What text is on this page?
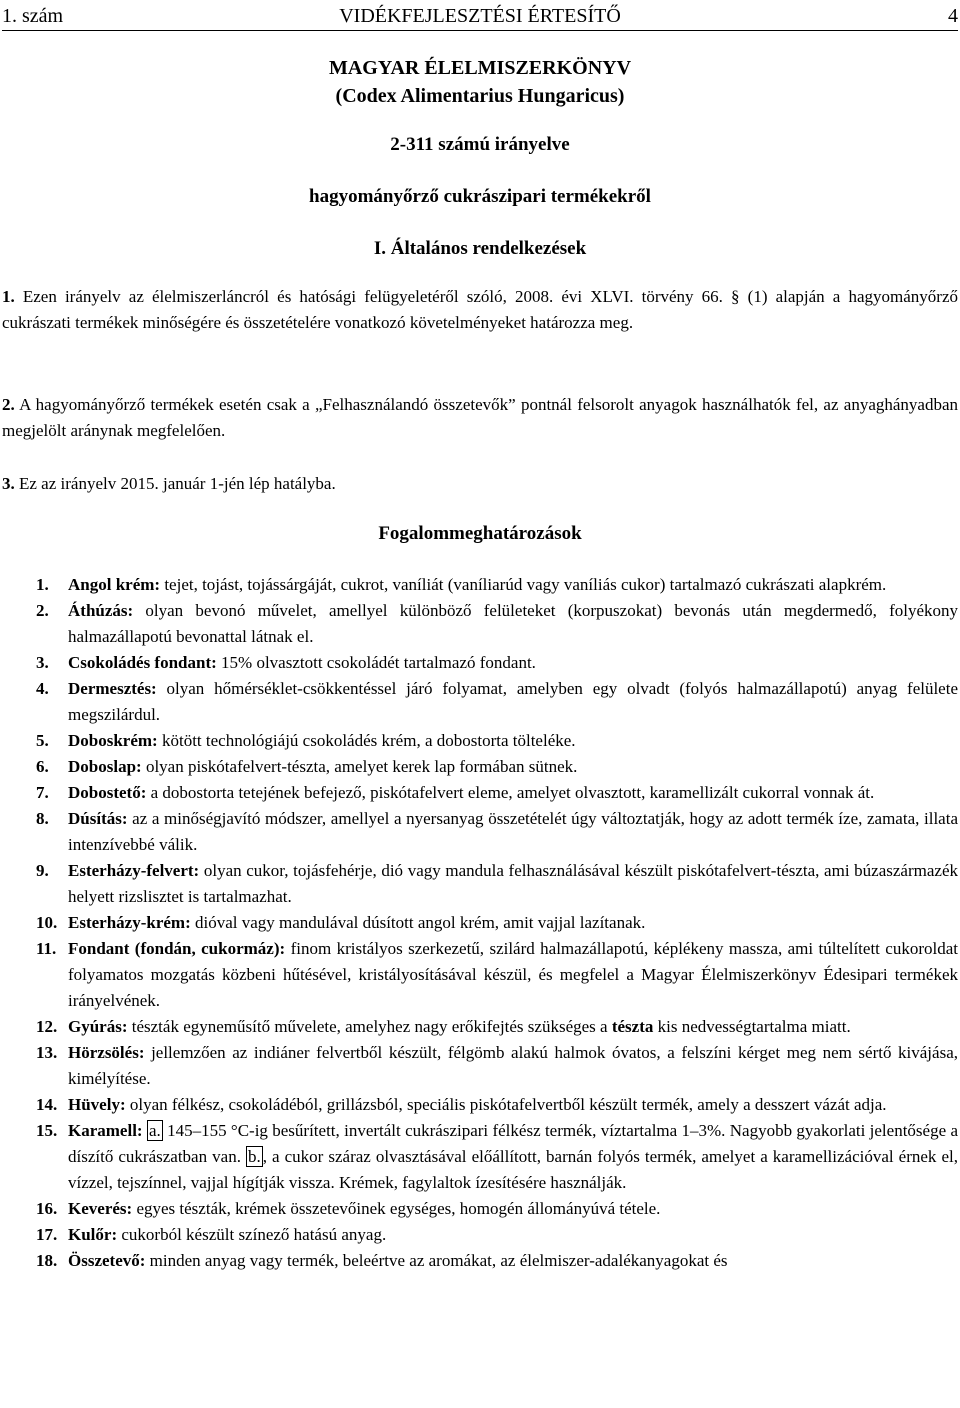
1. szám	VIDÉKFEJLESZTÉSI ÉRTESÍTŐ	4
MAGYAR ÉLELMISZERKÖNYV
(Codex Alimentarius Hungaricus)
2-311 számú irányelve
hagyományőrző cukrászipari termékekről
I. Általános rendelkezések
1. Ezen irányelv az élelmiszerláncról és hatósági felügyeletéről szóló, 2008. évi XLVI. törvény 66. § (1) alapján a hagyományőrző cukrászati termékek minőségére és összetételére vonatkozó követelményeket határozza meg.
2. A hagyományőrző termékek esetén csak a „Felhasználandó összetevők” pontnál felsorolt anyagok használhatók fel, az anyaghányadban megjelölt aránynak megfelelően.
3. Ez az irányelv 2015. január 1-jén lép hatályba.
Fogalommeghatározások
1. Angol krém: tejet, tojást, tojássárgáját, cukrot, vaníliát (vaníliarúd vagy vaníliás cukor) tartalmazó cukrászati alapkrém.
2. Áthúzás: olyan bevonó művelet, amellyel különböző felületeket (korpuszokat) bevonás után megdermedő, folyékony halmazállapotú bevonattal látnak el.
3. Csokoládés fondant: 15% olvasztott csokoládét tartalmazó fondant.
4. Dermesztés: olyan hőmérséklet-csökkentéssel járó folyamat, amelyben egy olvadt (folyós halmazállapotú) anyag felülete megszilárdul.
5. Doboskrém: kötött technológiájú csokoládés krém, a dobostorta tölteléke.
6. Doboslap: olyan piskótafelvert-tészta, amelyet kerek lap formában sütnek.
7. Dobostető: a dobostorta tetejének befejező, piskótafelvert eleme, amelyet olvasztott, karamellizált cukorral vonnak át.
8. Dúsítás: az a minőségjavító módszer, amellyel a nyersanyag összetételét úgy változtatják, hogy az adott termék íze, zamata, illata intenzívebbé válik.
9. Esterházy-felvert: olyan cukor, tojásfehérje, dió vagy mandula felhasználásával készült piskótafelvert-tészta, ami búzaszármazék helyett rizslisztet is tartalmazhat.
10. Esterházy-krém: dióval vagy mandulával dúsított angol krém, amit vajjal lazítanak.
11. Fondant (fondán, cukormáz): finom kristályos szerkezetű, szilárd halmazállapotú, képlékeny massza, ami túltelített cukoroldat folyamatos mozgatás közbeni hűtésével, kristályosításával készül, és megfelel a Magyar Élelmiszerkönyv Édesipari termékek irányelvének.
12. Gyúrás: tészták egyneműsítő művelete, amelyhez nagy erőkifejtés szükséges a tészta kis nedvességtartalma miatt.
13. Hörzsölés: jellemzően az indiáner felvertből készült, félgömb alakú halmok óvatos, a felszíni kérget meg nem sértő kivájása, kimélyítése.
14. Hüvely: olyan félkész, csokoládéból, grillázsból, speciális piskótafelvertből készült termék, amely a desszert vázát adja.
15. Karamell: a. 145–155 °C-ig besűrített, invertált cukrászipari félkész termék, víztartalma 1–3%. Nagyobb gyakorlati jelentősége a díszítő cukrászatban van. b. , a cukor száraz olvasztásával előállított, barnán folyós termék, amelyet a karamellizációval érnek el, vízzel, tejszínnel, vajjal hígítják vissza. Krémek, fagylaltok ízesítésére használják.
16. Keverés: egyes tészták, krémek összetevőinek egységes, homogén állományúvá tétele.
17. Kulőr: cukorból készült színező hatású anyag.
18. Összetevő: minden anyag vagy termék, beleértve az aromákat, az élelmiszer-adalékanyagokat és
